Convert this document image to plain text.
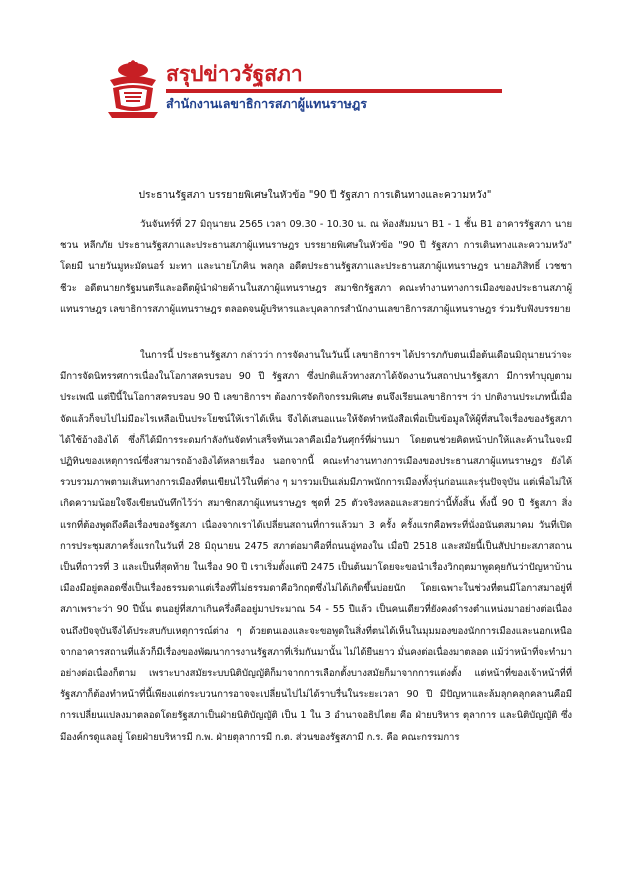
สรุปข่าวรัฐสภา
สำนักงานเลขาธิการสภาผู้แทนราษฎร
ประธานรัฐสภา บรรยายพิเศษในหัวข้อ "90 ปี รัฐสภา การเดินทางและความหวัง"
วันจันทร์ที่ 27 มิถุนายน 2565 เวลา 09.30 - 10.30 น. ณ ห้องสัมมนา B1 - 1 ชั้น B1 อาคารรัฐสภา นายชวน หลีกภัย ประธานรัฐสภาและประธานสภาผู้แทนราษฎร บรรยายพิเศษในหัวข้อ "90 ปี รัฐสภา การเดินทางและความหวัง" โดยมี นายวันมูหะมัดนอร์ มะทา และนายโภคิน พลกุล อดีตประธานรัฐสภาและประธานสภาผู้แทนราษฎร นายอภิสิทธิ์ เวชชาชีวะ อดีตนายกรัฐมนตรีและอดีตผู้นำฝ่ายค้านในสภาผู้แทนราษฎร สมาชิกรัฐสภา คณะทำงานทางการเมืองของประธานสภาผู้แทนราษฎร เลขาธิการสภาผู้แทนราษฎร ตลอดจนผู้บริหารและบุคลากรสำนักงานเลขาธิการสภาผู้แทนราษฎร ร่วมรับฟังบรรยาย
ในการนี้ ประธานรัฐสภา กล่าวว่า การจัดงานในวันนี้ เลขาธิการฯ ได้ปรารภกับตนเมื่อต้นเดือนมิถุนายนว่าจะมีการจัดนิทรรศการเนื่องในโอกาสครบรอบ 90 ปี รัฐสภา ซึ่งปกติแล้วทางสภาได้จัดงานวันสถาปนารัฐสภา มีการทำบุญตามประเพณี แต่ปีนี้ในโอกาสครบรอบ 90 ปี เลขาธิการฯ ต้องการจัดกิจกรรมพิเศษ ตนจึงเรียนเลขาธิการฯ ว่า ปกติงานประเภทนี้เมื่อจัดแล้วก็จบไปไม่มีอะไรเหลือเป็นประโยชน์ให้เราได้เห็น จึงได้เสนอแนะให้จัดทำหนังสือเพื่อเป็นข้อมูลให้ผู้ที่สนใจเรื่องของรัฐสภาได้ใช้อ้างอิงได้ ซึ่งก็ได้มีการระดมกำลังกันจัดทำเสร็จทันเวลาคือเมื่อวันศุกร์ที่ผ่านมา โดยตนช่วยคิดหน้าปกให้และค้านในจะมีปฏิทินของเหตุการณ์ซึ่งสามารถอ้างอิงได้หลายเรื่อง นอกจากนี้ คณะทำงานทางการเมืองของประธานสภาผู้แทนราษฎร ยังได้รวบรวมภาพตามเส้นทางการเมืองที่ตนเขียนไว้ในที่ต่าง ๆ มารวมเป็นเล่มมีภาพนักการเมืองทั้งรุ่นก่อนและรุ่นปัจจุบัน แต่เพื่อไม่ให้เกิดความน้อยใจจึงเขียนบันทึกไว้ว่า สมาชิกสภาผู้แทนราษฎร ชุดที่ 25 ตัวจริงหลอและสวยกว่านี้ทั้งสิ้น ทั้งนี้ 90 ปี รัฐสภา สิ่งแรกที่ต้องพูดถึงคือเรื่องของรัฐสภา เนื่องจากเราได้เปลี่ยนสถานที่การแล้วมา 3 ครั้ง ครั้งแรกคือพระที่นั่งอนันตสมาคม วันที่เปิดการประชุมสภาครั้งแรกในวันที่ 28 มิถุนายน 2475 สภาต่อมาคือที่ถนนอู่ทองใน เมื่อปี 2518 และสมัยนี้เป็นสัปปายะสภาสถาน เป็นที่ถาวรที่ 3 และเป็นที่สุดท้าย ในเรื่อง 90 ปี เราเริ่มตั้งแต่ปี 2475 เป็นต้นมาโดยจะขอนำเรื่องวิกฤตมาพูดคุยกันว่าปัญหาบ้านเมืองมีอยู่ตลอดซึ่งเป็นเรื่องธรรมดาแต่เรื่องที่ไม่ธรรมดาคือวิกฤตซึ่งไม่ได้เกิดขึ้นบ่อยนัก โดยเฉพาะในช่วงที่ตนมีโอกาสมาอยู่ที่สภาเพราะว่า 90 ปีนั้น ตนอยู่ที่สภาเกินครึ่งคืออยู่มาประมาณ 54 - 55 ปีแล้ว เป็นคนเดียวที่ยังคงดำรงตำแหน่งมาอย่างต่อเนื่องจนถึงปัจจุบันจึงได้ประสบกับเหตุการณ์ต่าง ๆ ด้วยตนเองและจะขอพูดในสิ่งที่ตนได้เห็นในมุมมองของนักการเมืองและนอกเหนือจากอาคารสถานที่แล้วก็มีเรื่องของพัฒนาการงานรัฐสภาที่เริ่มกันมานั้น ไม่ได้ยืนยาว มั่นคงต่อเนื่องมาตลอด แม้ว่าหน้าที่จะทำมาอย่างต่อเนื่องก็ตาม เพราะบางสมัยระบบนิติบัญญัติก็มาจากการเลือกตั้งบางสมัยก็มาจากการแต่งตั้ง แต่หน้าที่ของเจ้าหน้าที่ที่รัฐสภาก็ต้องทำหน้าที่นี้เพียงแต่กระบวนการอาจจะเปลี่ยนไปไม่ได้ราบรื่นในระยะเวลา 90 ปี มีปัญหาและล้มลุกคลุกคลานคือมีการเปลี่ยนแปลงมาตลอดโดยรัฐสภาเป็นฝ่ายนิติบัญญัติ เป็น 1 ใน 3 อำนาจอธิปไตย คือ ฝ่ายบริหาร ตุลาการ และนิติบัญญัติ ซึ่งมีองค์กรดูแลอยู่ โดยฝ่ายบริหารมี ก.พ. ฝ่ายตุลาการมี ก.ต. ส่วนของรัฐสภามี ก.ร. คือ คณะกรรมการ
